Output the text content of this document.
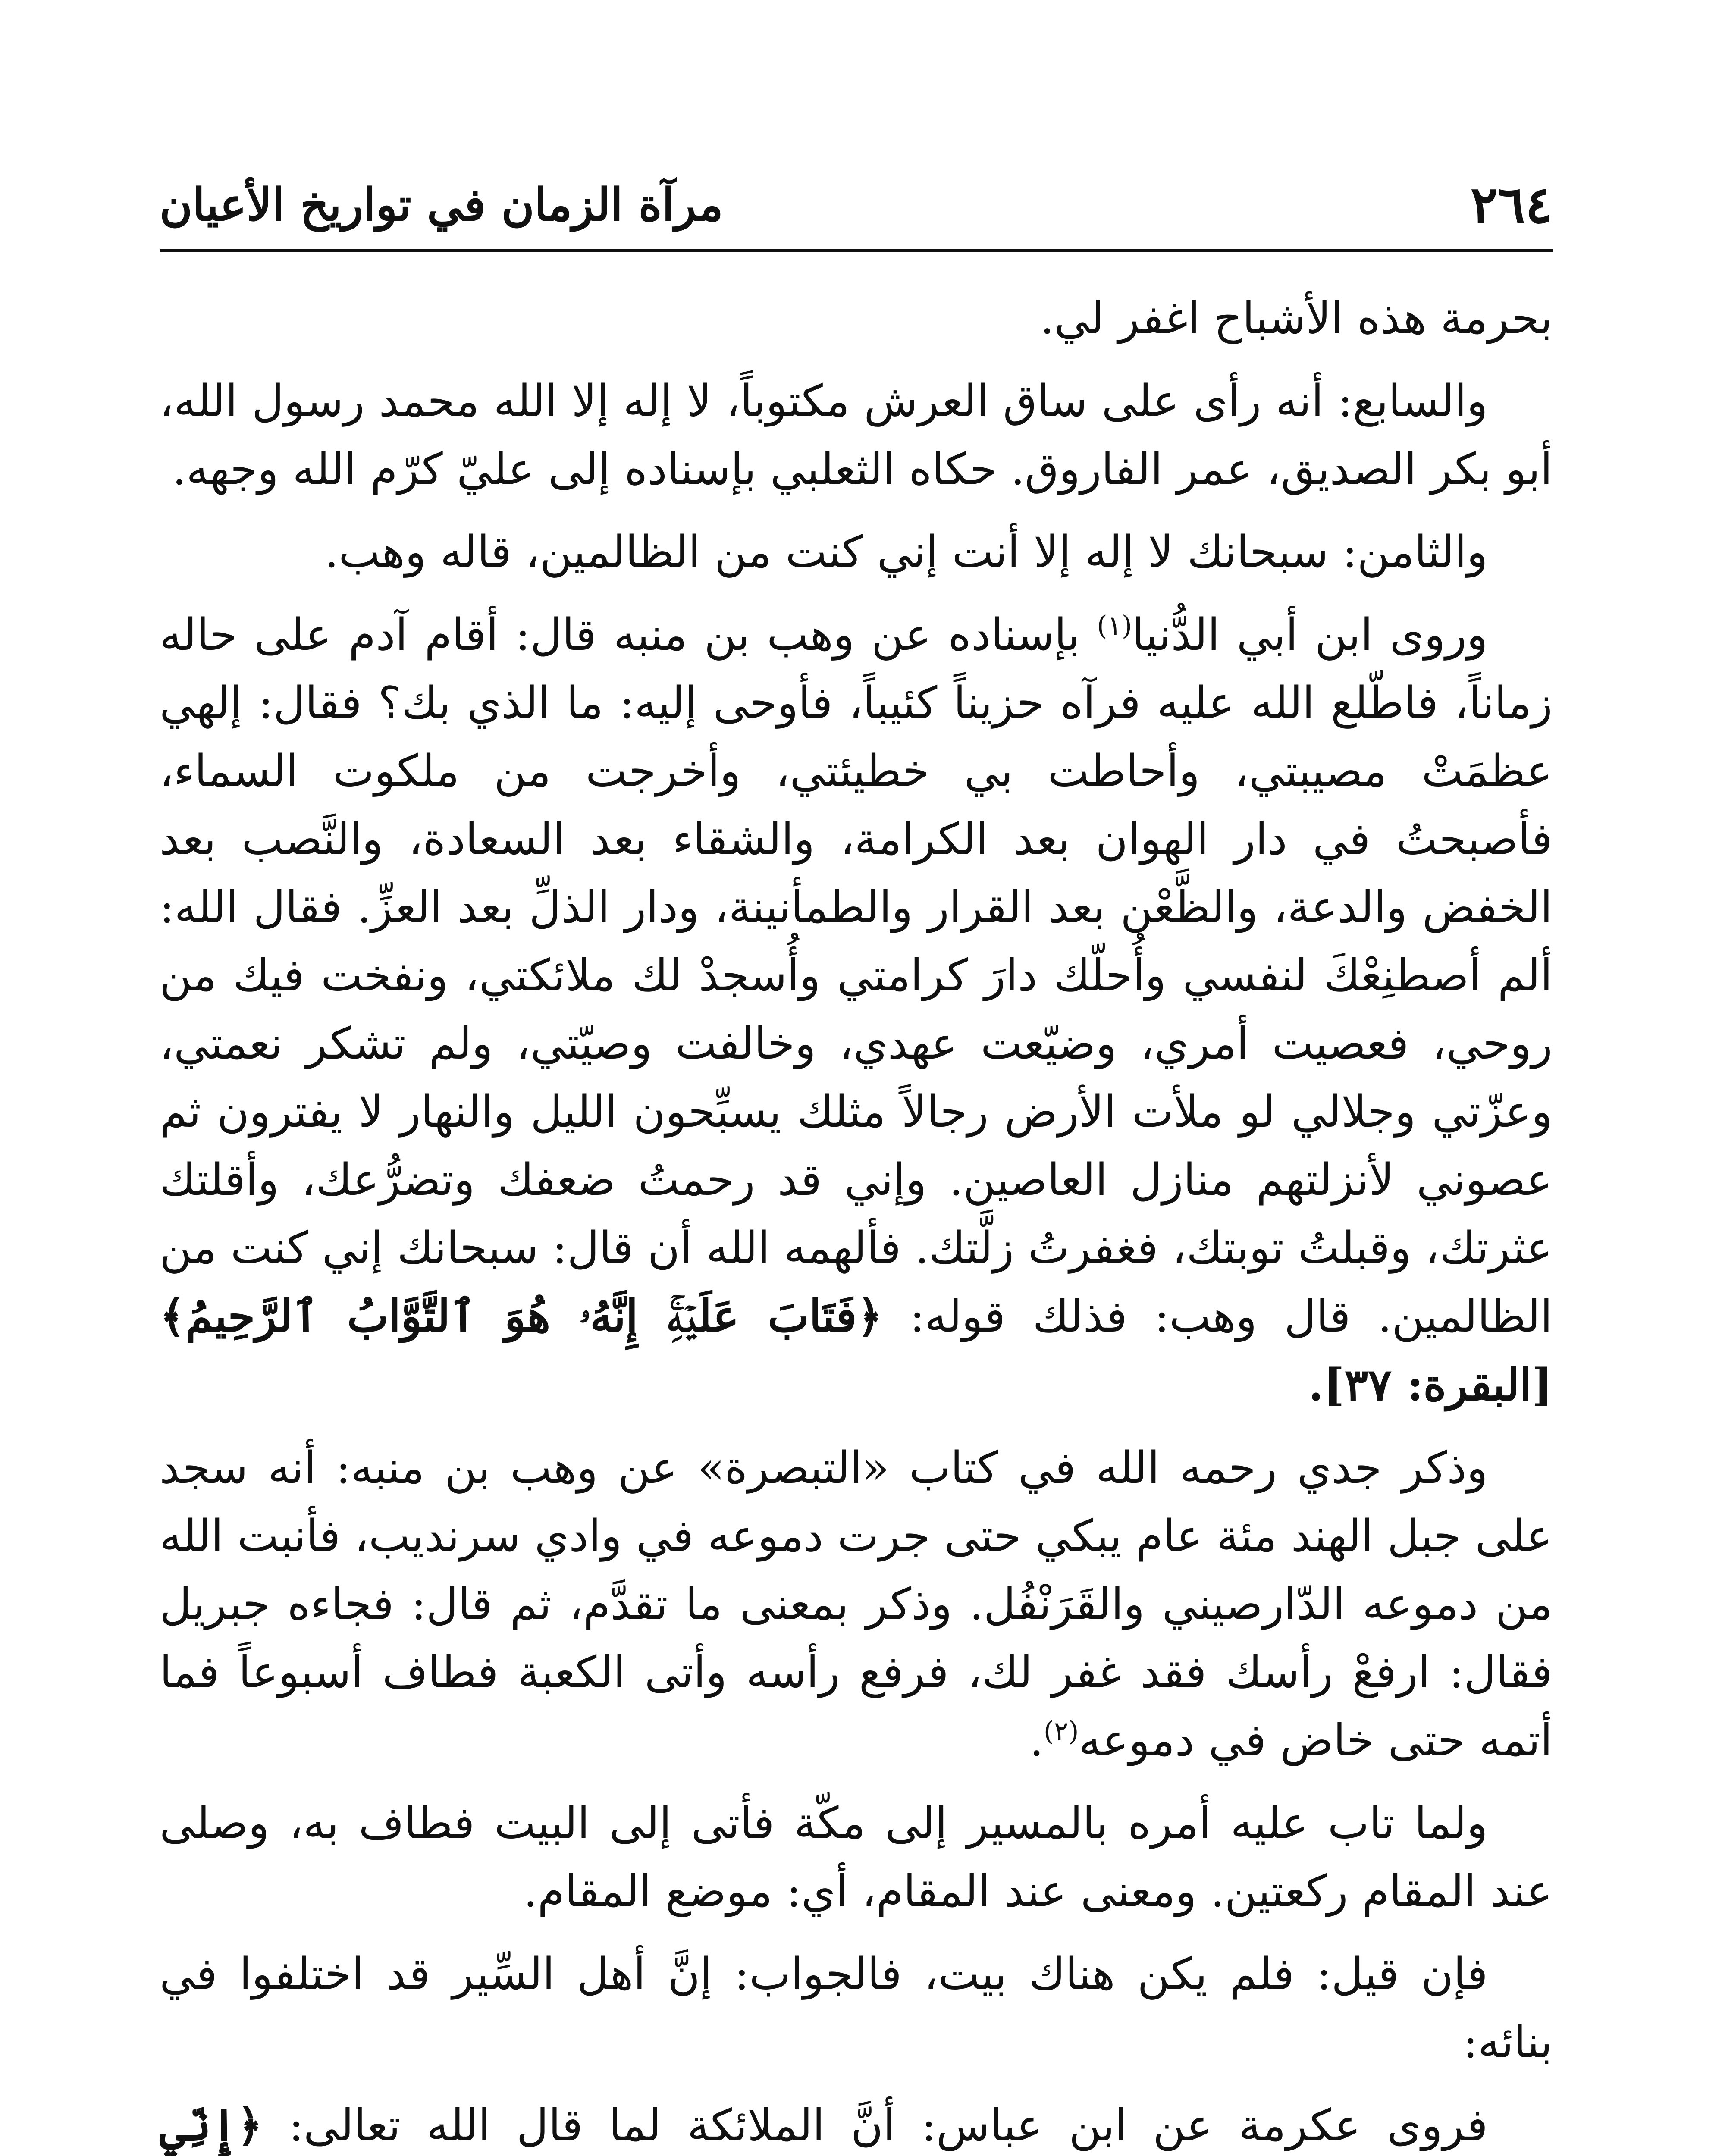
٢٦٤
مرآة الزمان في تواريخ الأعيان

بحرمة هذه الأشباح اغفر لي.

والسابع: أنه رأى على ساق العرش مكتوباً، لا إله إلا الله محمد رسول الله، أبو بكر الصديق، عمر الفاروق. حكاه الثعلبي بإسناده إلى عليّ كرّم الله وجهه.

والثامن: سبحانك لا إله إلا أنت إني كنت من الظالمين، قاله وهب.

وروى ابن أبي الدُّنيا$^{(١)}$ بإسناده عن وهب بن منبه قال: أقام آدم على حاله زماناً، فاطّلع الله عليه فرآه حزيناً كئيباً، فأوحى إليه: ما الذي بك؟ فقال: إلهي عظمَتْ مصيبتي، وأحاطت بي خطيئتي، وأخرجت من ملكوت السماء، فأصبحتُ في دار الهوان بعد الكرامة، والشقاء بعد السعادة، والنَّصب بعد الخفض والدعة، والظَّعْن بعد القرار والطمأنينة، ودار الذلِّ بعد العزِّ. فقال الله: ألم أصطنِعْكَ لنفسي وأُحلّك دارَ كرامتي وأُسجدْ لك ملائكتي، ونفخت فيك من روحي، فعصيت أمري، وضيّعت عهدي، وخالفت وصيّتي، ولم تشكر نعمتي، وعزّتي وجلالي لو ملأت الأرض رجالاً مثلك يسبِّحون الليل والنهار لا يفترون ثم عصوني لأنزلتهم منازل العاصين. وإني قد رحمتُ ضعفك وتضرُّعك، وأقلتك عثرتك، وقبلتُ توبتك، فغفرتُ زلَّتك. فألهمه الله أن قال: سبحانك إني كنت من الظالمين. قال وهب: فذلك قوله: ﴿فَتَابَ عَلَيۡهِۚ إِنَّهُۥ هُوَ ٱلتَّوَّابُ ٱلرَّحِيمُ﴾[البقرة: ٣٧].

وذكر جدي رحمه الله في كتاب «التبصرة» عن وهب بن منبه: أنه سجد على جبل الهند مئة عام يبكي حتى جرت دموعه في وادي سرنديب، فأنبت الله من دموعه الدّارصيني والقَرَنْفُل. وذكر بمعنى ما تقدَّم، ثم قال: فجاءه جبريل فقال: ارفعْ رأسك فقد غفر لك، فرفع رأسه وأتى الكعبة فطاف أسبوعاً فما أتمه حتى خاض في دموعه$^{(٢)}$.

ولما تاب عليه أمره بالمسير إلى مكّة فأتى إلى البيت فطاف به، وصلى عند المقام ركعتين. ومعنى عند المقام، أي: موضع المقام.

فإن قيل: فلم يكن هناك بيت، فالجواب: إنَّ أهل السِّير قد اختلفوا في بنائه:

فروى عكرمة عن ابن عباس: أنَّ الملائكة لما قال الله تعالى: ﴿إِنِّي
